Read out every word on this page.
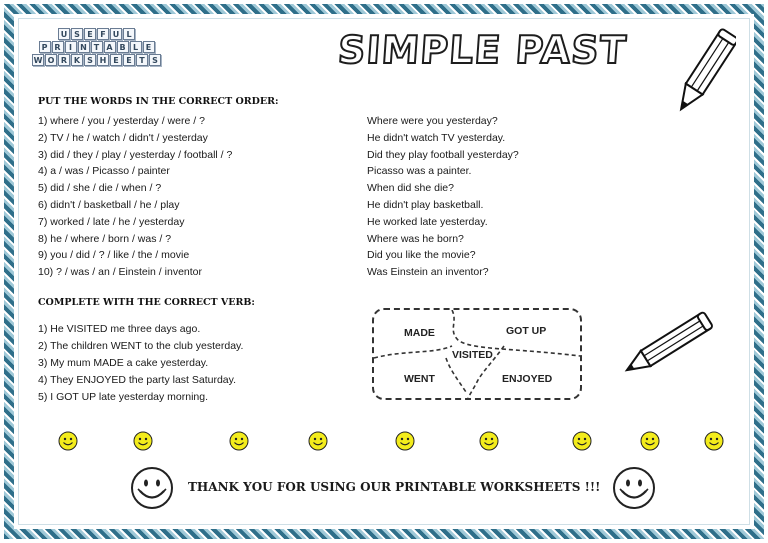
U S E F U L
P R	I	N T A B L E
W O R K S H E E T S	SIMPLE PAST
PUT THE WORDS IN THE CORRECT ORDER:
1) where / you / yesterday / were / ?
2) TV / he / watch / didn't / yesterday
3) did / they / play / yesterday / football / ?
4) a / was / Picasso / painter
5) did / she / die / when / ?
6) didn't / basketball / he / play
7) worked / late / he / yesterday
8) he / where / born / was / ?
9) you / did / ? / like / the / movie
10) ? / was / an / Einstein / inventor
Where were you yesterday?
He didn't watch TV yesterday.
Did they play football yesterday?
Picasso was a painter.
When did she die?
He didn't play basketball.
He worked late yesterday.
Where was he born?
Did you like the movie?
Was Einstein an inventor?
COMPLETE WITH THE CORRECT VERB:
1) He VISITED me three days ago.
2) The children WENT to the club yesterday.
3) My mum MADE a cake yesterday.
4) They ENJOYED the party last Saturday.
5) I GOT UP late yesterday morning.
MADE	GOT UP
VISITED
WENT	ENJOYED
THANK YOU FOR USING OUR PRINTABLE WORKSHEETS !!!
